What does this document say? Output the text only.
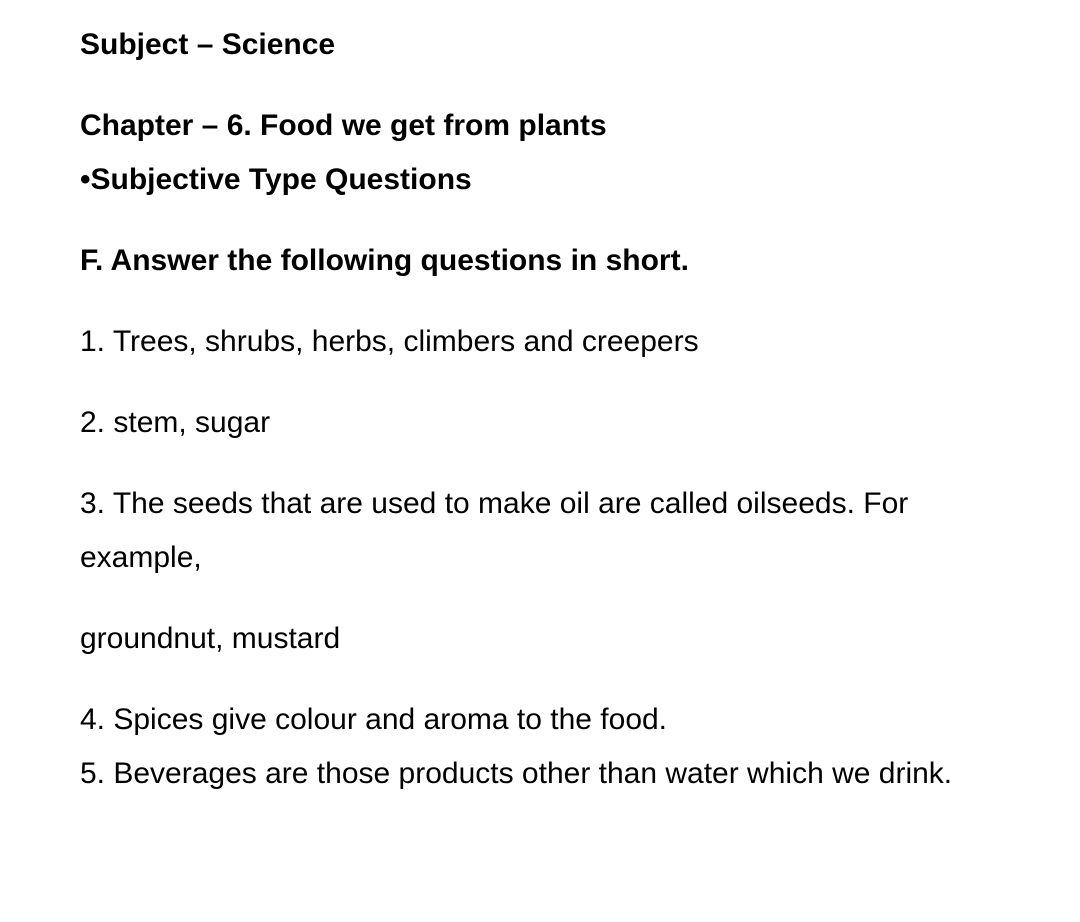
Subject – Science
Chapter – 6. Food we get from plants
•Subjective Type Questions
F. Answer the following questions in short.
1. Trees, shrubs, herbs, climbers and creepers
2. stem, sugar
3. The seeds that are used to make oil are called oilseeds. For example,
groundnut, mustard
4. Spices give colour and aroma to the food.
5. Beverages are those products other than water which we drink.
